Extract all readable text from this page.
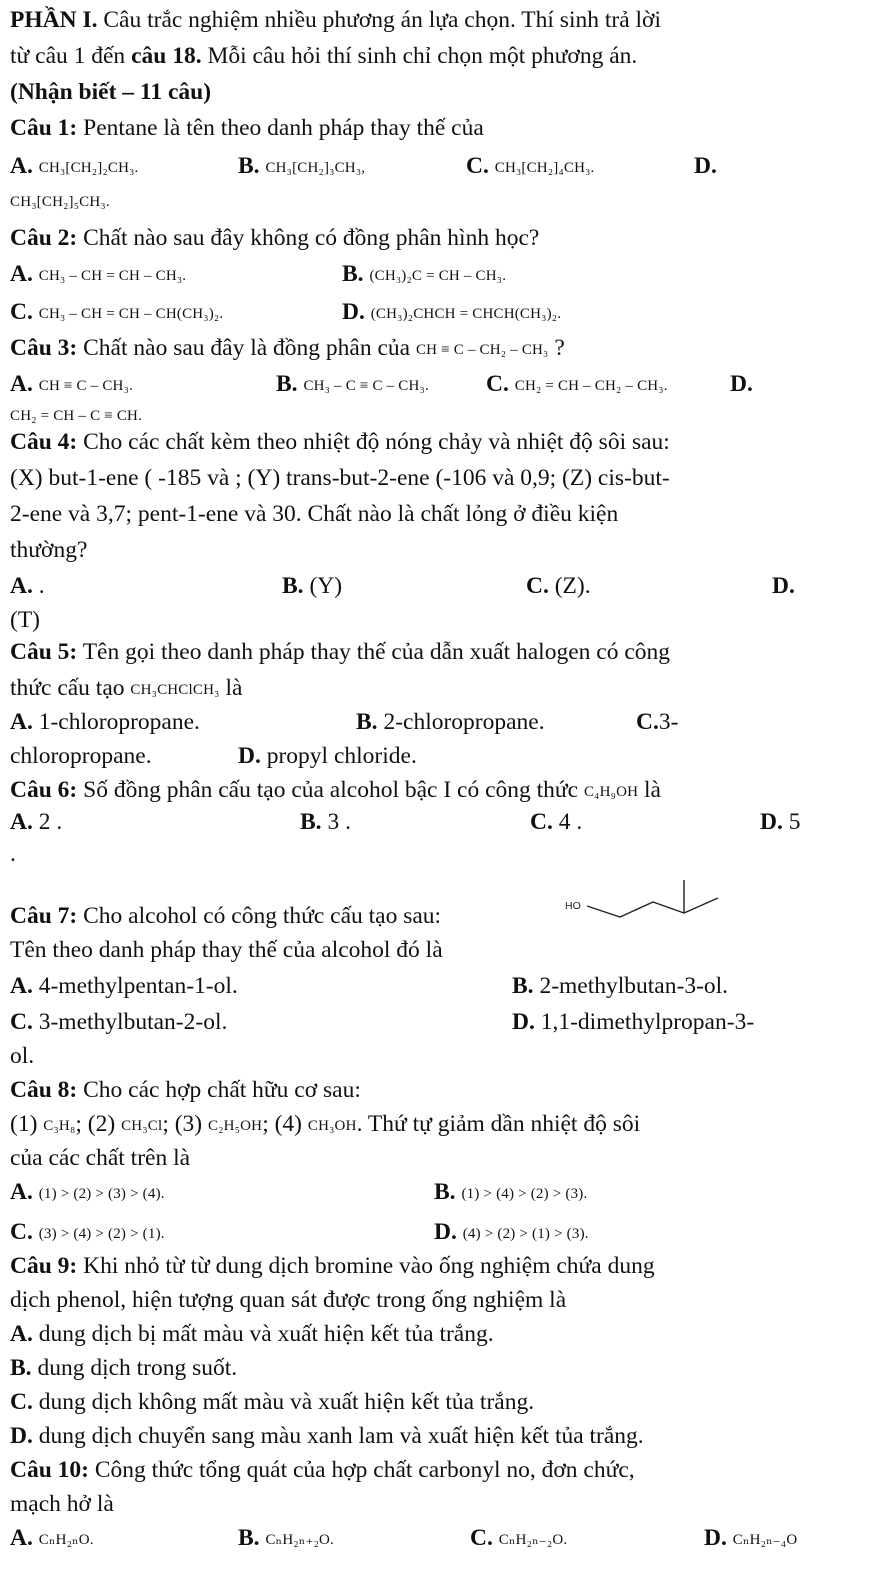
PHẦN I. Câu trắc nghiệm nhiều phương án lựa chọn. Thí sinh trả lời
từ câu 1 đến câu 18. Mỗi câu hỏi thí sinh chỉ chọn một phương án.
(Nhận biết – 11 câu)
Câu 1: Pentane là tên theo danh pháp thay thế của
A. CH₃[CH₂]₂CH₃.	B. CH₃[CH₂]₃CH₃,	C. CH₃[CH₂]₄CH₃.	D.
CH₃[CH₂]₅CH₃.
Câu 2: Chất nào sau đây không có đồng phân hình học?
A. CH₃ – CH = CH – CH₃.	B. (CH₃)₂C = CH – CH₃.
C. CH₃ – CH = CH – CH(CH₃)₂.	D. (CH₃)₂CHCH = CHCH(CH₃)₂.
Câu 3: Chất nào sau đây là đồng phân của CH ≡ C – CH₂ – CH₃ ?
A. CH ≡ C – CH₃.	B. CH₃ – C ≡ C – CH₃. C. CH₂ = CH – CH₂ – CH₃.	D.
CH₂ = CH – C ≡ CH.
Câu 4: Cho các chất kèm theo nhiệt độ nóng chảy và nhiệt độ sôi sau:
(X) but-1-ene ( -185 và ; (Y) trans-but-2-ene (-106 và 0,9; (Z) cis-but-
2-ene và 3,7; pent-1-ene và 30. Chất nào là chất lỏng ở điều kiện
thường?
A. .	B. (Y)	C. (Z).	D.
(T)
Câu 5: Tên gọi theo danh pháp thay thế của dẫn xuất halogen có công
thức cấu tạo CH₃CHClCH₃ là
A. 1-chloropropane.	B. 2-chloropropane.	C.3-
chloropropane.	D. propyl chloride.
Câu 6: Số đồng phân cấu tạo của alcohol bậc I có công thức C₄H₉OH là
A. 2 .	B. 3 .	C. 4 .	D. 5
.
HO
Câu 7: Cho alcohol có công thức cấu tạo sau:
Tên theo danh pháp thay thế của alcohol đó là
A. 4-methylpentan-1-ol.	B. 2-methylbutan-3-ol.
C. 3-methylbutan-2-ol.	D. 1,1-dimethylpropan-3-
ol.
Câu 8: Cho các hợp chất hữu cơ sau:
(1) C₃H₈; (2) CH₃Cl; (3) C₂H₅OH; (4) CH₃OH. Thứ tự giảm dần nhiệt độ sôi
của các chất trên là
A. (1) > (2) > (3) > (4).	B. (1) > (4) > (2) > (3).
C. (3) > (4) > (2) > (1).	D. (4) > (2) > (1) > (3).
Câu 9: Khi nhỏ từ từ dung dịch bromine vào ống nghiệm chứa dung
dịch phenol, hiện tượng quan sát được trong ống nghiệm là
A. dung dịch bị mất màu và xuất hiện kết tủa trắng.
B. dung dịch trong suốt.
C. dung dịch không mất màu và xuất hiện kết tủa trắng.
D. dung dịch chuyển sang màu xanh lam và xuất hiện kết tủa trắng.
Câu 10: Công thức tổng quát của hợp chất carbonyl no, đơn chức,
mạch hở là
A. CₙH₂ₙO.	B. CₙH₂ₙ₊₂O.	C. CₙH₂ₙ₋₂O.	D. CₙH₂ₙ₋₄O
